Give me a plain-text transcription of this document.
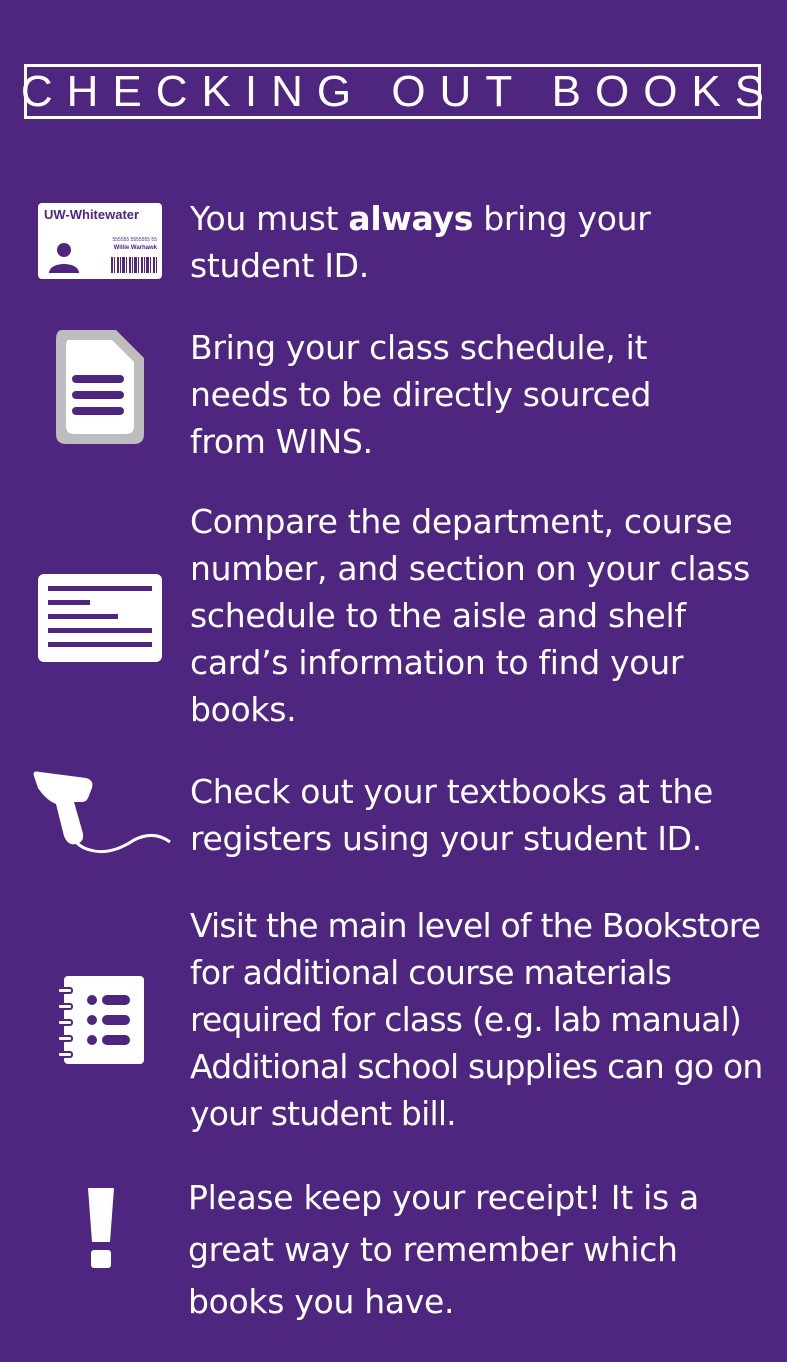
CHECKING OUT BOOKS
UW-Whitewater
555555 5555555 55
Willie Warhawk
You must always bring your student ID.
Bring your class schedule, it needs to be directly sourced from WINS.
Compare the department, course number, and section on your class schedule to the aisle and shelf card’s information to find your books.
Check out your textbooks at the registers using your student ID.
Visit the main level of the Bookstore for additional course materials required for class (e.g. lab manual) Additional school supplies can go on your student bill.
Please keep your receipt! It is a great way to remember which books you have.
